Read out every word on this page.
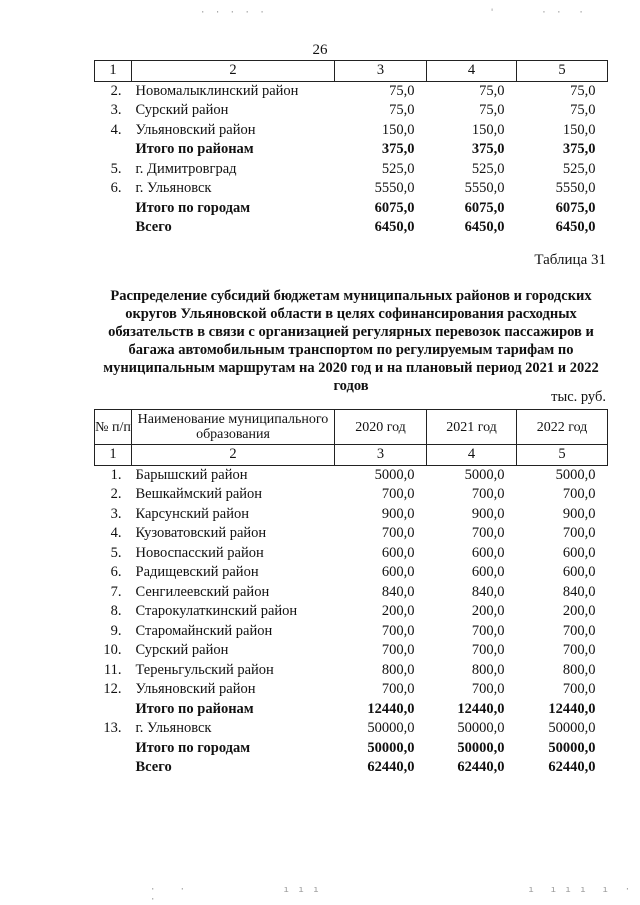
· · · · ·                              '      · ·  ·
26
1	2	3	4	5
2.	Новомалыклинский район	75,0	75,0	75,0
3.	Сурский район	75,0	75,0	75,0
4.	Ульяновский район	150,0	150,0	150,0
	Итого по районам	375,0	375,0	375,0
5.	г. Димитровград	525,0	525,0	525,0
6.	г. Ульяновск	5550,0	5550,0	5550,0
	Итого по городам	6075,0	6075,0	6075,0
	Всего	6450,0	6450,0	6450,0
Таблица 31
Распределение субсидий бюджетам муниципальных районов и городских округов Ульяновской области в целях софинансирования расходных обязательств в связи с организацией регулярных перевозок пассажиров и багажа автомобильным транспортом по регулируемым тарифам по муниципальным маршрутам на 2020 год и на плановый период 2021 и 2022 годов
тыс. руб.
№ п/п	Наименование муниципального образования	2020 год	2021 год	2022 год
1	2	3	4	5
1.	Барышский район	5000,0	5000,0	5000,0
2.	Вешкаймский район	700,0	700,0	700,0
3.	Карсунский район	900,0	900,0	900,0
4.	Кузоватовский район	700,0	700,0	700,0
5.	Новоспасский район	600,0	600,0	600,0
6.	Радищевский район	600,0	600,0	600,0
7.	Сенгилеевский район	840,0	840,0	840,0
8.	Старокулаткинский район	200,0	200,0	200,0
9.	Старомайнский район	700,0	700,0	700,0
10.	Сурский район	700,0	700,0	700,0
11.	Тереньгульский район	800,0	800,0	800,0
12.	Ульяновский район	700,0	700,0	700,0
	Итого по районам	12440,0	12440,0	12440,0
13.	г. Ульяновск	50000,0	50000,0	50000,0
	Итого по городам	50000,0	50000,0	50000,0
	Всего	62440,0	62440,0	62440,0
·   ·             ı ı ı                            ı  ı ı ı  ı  · ·
